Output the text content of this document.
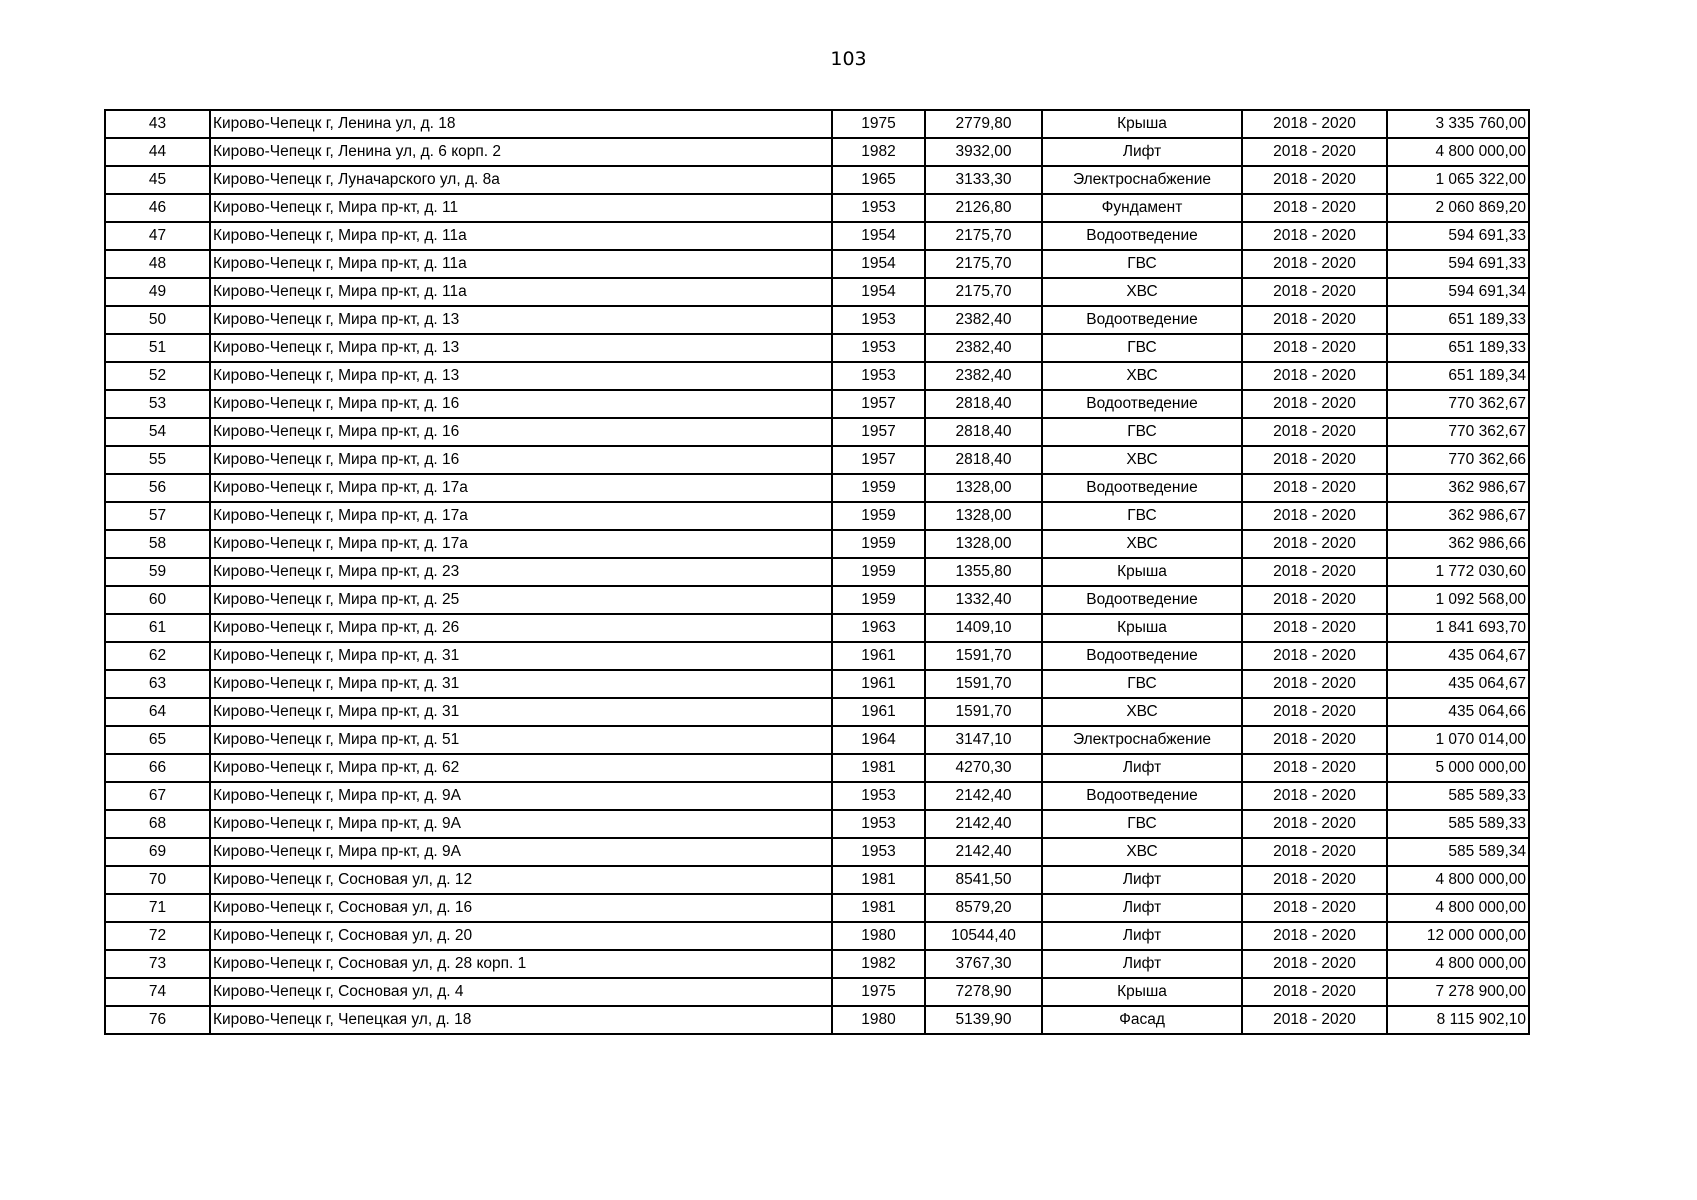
103
43	Кирово-Чепецк г, Ленина ул, д. 18	1975	2779,80	Крыша	2018 - 2020	3 335 760,00
44	Кирово-Чепецк г, Ленина ул, д. 6 корп. 2	1982	3932,00	Лифт	2018 - 2020	4 800 000,00
45	Кирово-Чепецк г, Луначарского ул, д. 8а	1965	3133,30	Электроснабжение	2018 - 2020	1 065 322,00
46	Кирово-Чепецк г, Мира пр-кт, д. 11	1953	2126,80	Фундамент	2018 - 2020	2 060 869,20
47	Кирово-Чепецк г, Мира пр-кт, д. 11а	1954	2175,70	Водоотведение	2018 - 2020	594 691,33
48	Кирово-Чепецк г, Мира пр-кт, д. 11а	1954	2175,70	ГВС	2018 - 2020	594 691,33
49	Кирово-Чепецк г, Мира пр-кт, д. 11а	1954	2175,70	ХВС	2018 - 2020	594 691,34
50	Кирово-Чепецк г, Мира пр-кт, д. 13	1953	2382,40	Водоотведение	2018 - 2020	651 189,33
51	Кирово-Чепецк г, Мира пр-кт, д. 13	1953	2382,40	ГВС	2018 - 2020	651 189,33
52	Кирово-Чепецк г, Мира пр-кт, д. 13	1953	2382,40	ХВС	2018 - 2020	651 189,34
53	Кирово-Чепецк г, Мира пр-кт, д. 16	1957	2818,40	Водоотведение	2018 - 2020	770 362,67
54	Кирово-Чепецк г, Мира пр-кт, д. 16	1957	2818,40	ГВС	2018 - 2020	770 362,67
55	Кирово-Чепецк г, Мира пр-кт, д. 16	1957	2818,40	ХВС	2018 - 2020	770 362,66
56	Кирово-Чепецк г, Мира пр-кт, д. 17а	1959	1328,00	Водоотведение	2018 - 2020	362 986,67
57	Кирово-Чепецк г, Мира пр-кт, д. 17а	1959	1328,00	ГВС	2018 - 2020	362 986,67
58	Кирово-Чепецк г, Мира пр-кт, д. 17а	1959	1328,00	ХВС	2018 - 2020	362 986,66
59	Кирово-Чепецк г, Мира пр-кт, д. 23	1959	1355,80	Крыша	2018 - 2020	1 772 030,60
60	Кирово-Чепецк г, Мира пр-кт, д. 25	1959	1332,40	Водоотведение	2018 - 2020	1 092 568,00
61	Кирово-Чепецк г, Мира пр-кт, д. 26	1963	1409,10	Крыша	2018 - 2020	1 841 693,70
62	Кирово-Чепецк г, Мира пр-кт, д. 31	1961	1591,70	Водоотведение	2018 - 2020	435 064,67
63	Кирово-Чепецк г, Мира пр-кт, д. 31	1961	1591,70	ГВС	2018 - 2020	435 064,67
64	Кирово-Чепецк г, Мира пр-кт, д. 31	1961	1591,70	ХВС	2018 - 2020	435 064,66
65	Кирово-Чепецк г, Мира пр-кт, д. 51	1964	3147,10	Электроснабжение	2018 - 2020	1 070 014,00
66	Кирово-Чепецк г, Мира пр-кт, д. 62	1981	4270,30	Лифт	2018 - 2020	5 000 000,00
67	Кирово-Чепецк г, Мира пр-кт, д. 9А	1953	2142,40	Водоотведение	2018 - 2020	585 589,33
68	Кирово-Чепецк г, Мира пр-кт, д. 9А	1953	2142,40	ГВС	2018 - 2020	585 589,33
69	Кирово-Чепецк г, Мира пр-кт, д. 9А	1953	2142,40	ХВС	2018 - 2020	585 589,34
70	Кирово-Чепецк г, Сосновая ул, д. 12	1981	8541,50	Лифт	2018 - 2020	4 800 000,00
71	Кирово-Чепецк г, Сосновая ул, д. 16	1981	8579,20	Лифт	2018 - 2020	4 800 000,00
72	Кирово-Чепецк г, Сосновая ул, д. 20	1980	10544,40	Лифт	2018 - 2020	12 000 000,00
73	Кирово-Чепецк г, Сосновая ул, д. 28 корп. 1	1982	3767,30	Лифт	2018 - 2020	4 800 000,00
74	Кирово-Чепецк г, Сосновая ул, д. 4	1975	7278,90	Крыша	2018 - 2020	7 278 900,00
76	Кирово-Чепецк г, Чепецкая ул, д. 18	1980	5139,90	Фасад	2018 - 2020	8 115 902,10
